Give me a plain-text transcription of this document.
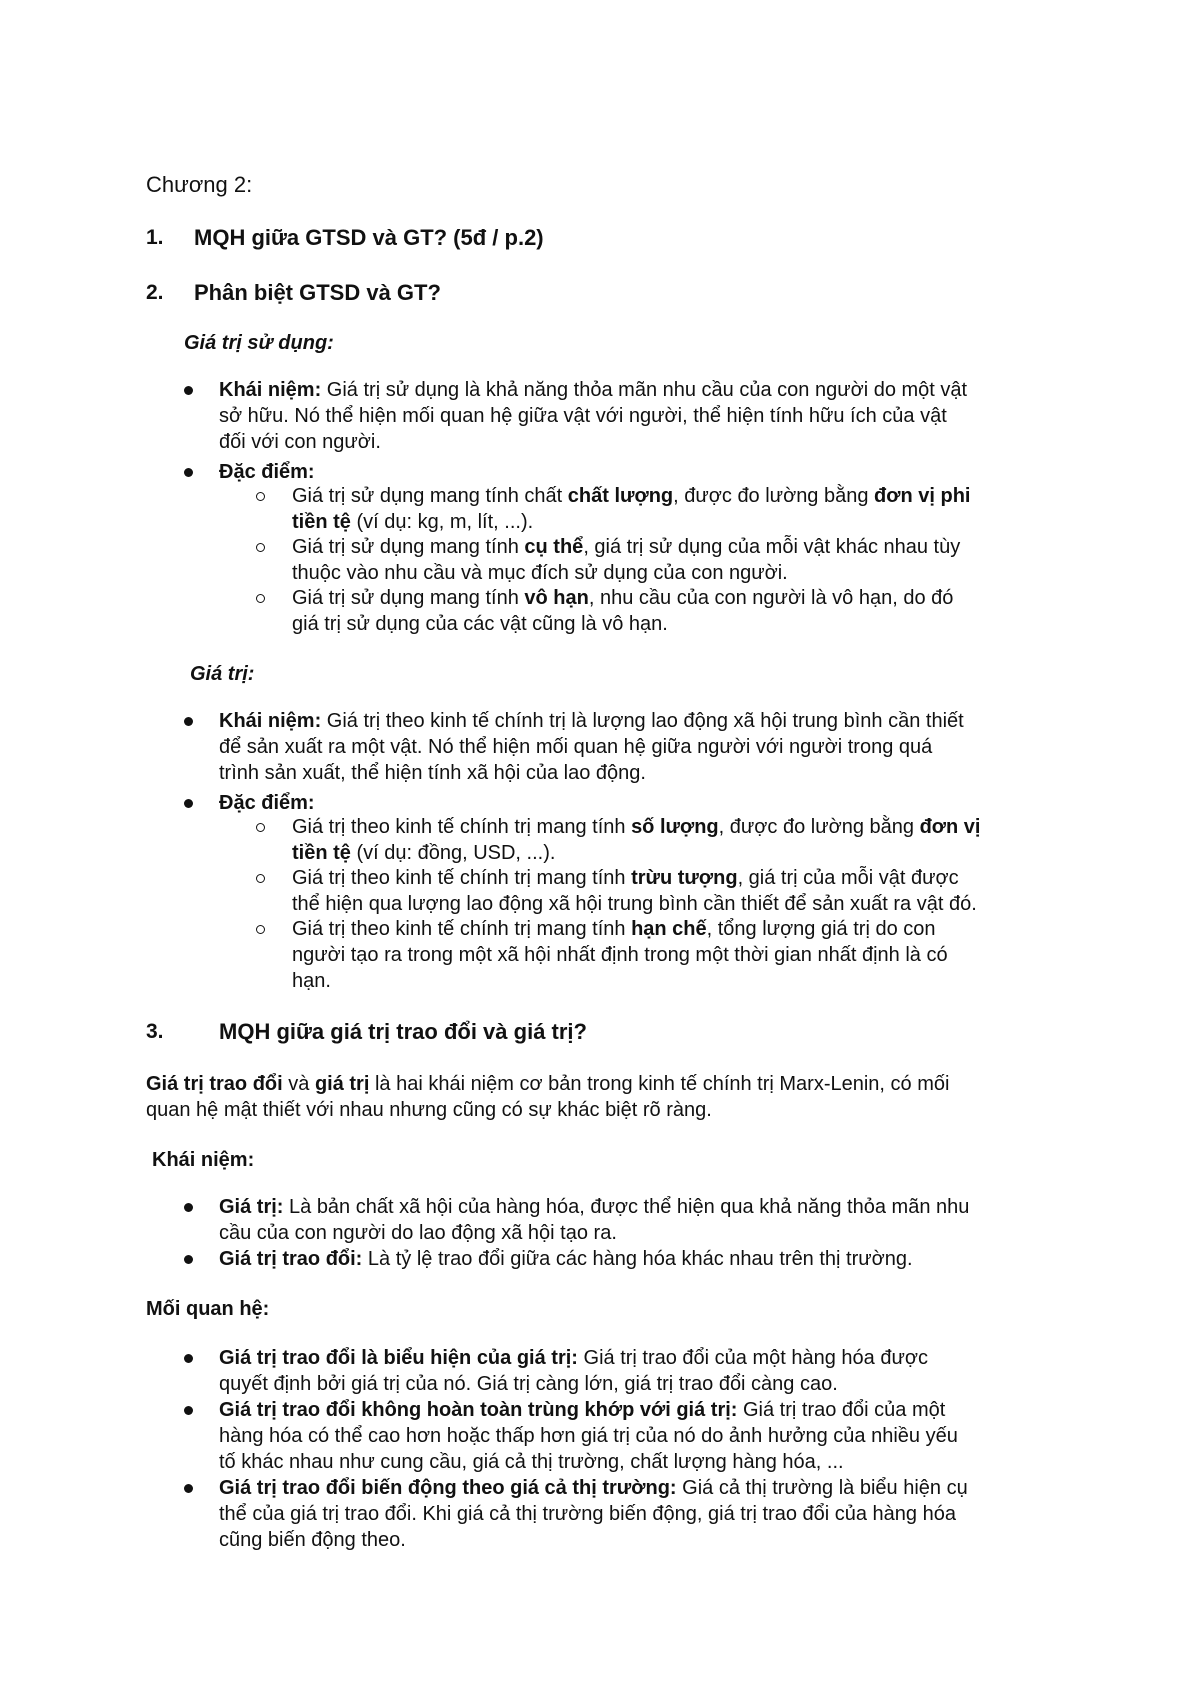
Chương 2:
1. MQH giữa GTSD và GT? (5đ / p.2)
2. Phân biệt GTSD và GT?
Giá trị sử dụng:
Khái niệm: Giá trị sử dụng là khả năng thỏa mãn nhu cầu của con người do một vật
sở hữu. Nó thể hiện mối quan hệ giữa vật với người, thể hiện tính hữu ích của vật
đối với con người.
Đặc điểm:
Giá trị sử dụng mang tính chất chất lượng, được đo lường bằng đơn vị phi
tiền tệ (ví dụ: kg, m, lít, ...).
Giá trị sử dụng mang tính cụ thể, giá trị sử dụng của mỗi vật khác nhau tùy
thuộc vào nhu cầu và mục đích sử dụng của con người.
Giá trị sử dụng mang tính vô hạn, nhu cầu của con người là vô hạn, do đó
giá trị sử dụng của các vật cũng là vô hạn.
Giá trị:
Khái niệm: Giá trị theo kinh tế chính trị là lượng lao động xã hội trung bình cần thiết
để sản xuất ra một vật. Nó thể hiện mối quan hệ giữa người với người trong quá
trình sản xuất, thể hiện tính xã hội của lao động.
Đặc điểm:
Giá trị theo kinh tế chính trị mang tính số lượng, được đo lường bằng đơn vị
tiền tệ (ví dụ: đồng, USD, ...).
Giá trị theo kinh tế chính trị mang tính trừu tượng, giá trị của mỗi vật được
thể hiện qua lượng lao động xã hội trung bình cần thiết để sản xuất ra vật đó.
Giá trị theo kinh tế chính trị mang tính hạn chế, tổng lượng giá trị do con
người tạo ra trong một xã hội nhất định trong một thời gian nhất định là có
hạn.
3.	MQH giữa giá trị trao đổi và giá trị?
Giá trị trao đổi và giá trị là hai khái niệm cơ bản trong kinh tế chính trị Marx-Lenin, có mối
quan hệ mật thiết với nhau nhưng cũng có sự khác biệt rõ ràng.
Khái niệm:
Giá trị: Là bản chất xã hội của hàng hóa, được thể hiện qua khả năng thỏa mãn nhu
cầu của con người do lao động xã hội tạo ra.
Giá trị trao đổi: Là tỷ lệ trao đổi giữa các hàng hóa khác nhau trên thị trường.
Mối quan hệ:
Giá trị trao đổi là biểu hiện của giá trị: Giá trị trao đổi của một hàng hóa được
quyết định bởi giá trị của nó. Giá trị càng lớn, giá trị trao đổi càng cao.
Giá trị trao đổi không hoàn toàn trùng khớp với giá trị: Giá trị trao đổi của một
hàng hóa có thể cao hơn hoặc thấp hơn giá trị của nó do ảnh hưởng của nhiều yếu
tố khác nhau như cung cầu, giá cả thị trường, chất lượng hàng hóa, ...
Giá trị trao đổi biến động theo giá cả thị trường: Giá cả thị trường là biểu hiện cụ
thể của giá trị trao đổi. Khi giá cả thị trường biến động, giá trị trao đổi của hàng hóa
cũng biến động theo.
